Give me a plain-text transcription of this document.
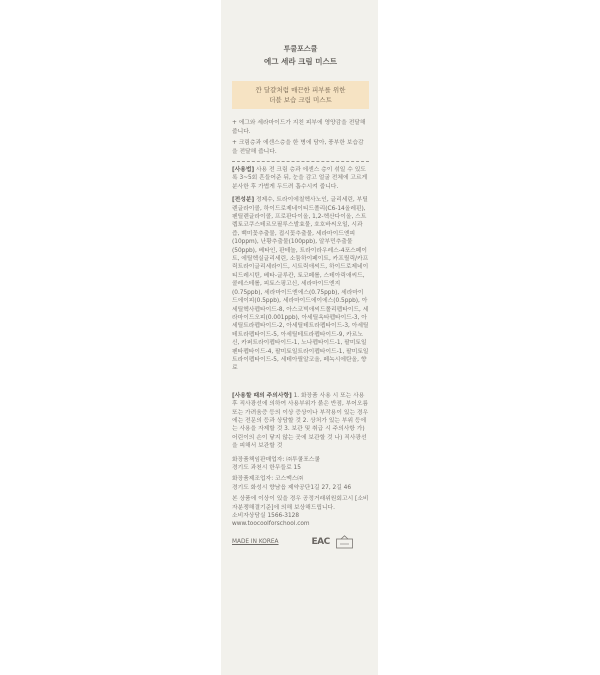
투쿨포스쿨
에그 세라 크림 미스트
깐 달걀처럼 매끈한 피부를 위한
더블 보습 크림 미스트
+ 에그와 세라마이드가 지친 피부에 영양감을 전달해 줍니다.
+ 크림층과 에센스층을 한 병에 담아, 풍부한 보습감을 전달해 줍니다.
[사용법] 사용 전 크림 층과 에센스 층이 섞일 수 있도록 3~5회 흔들어준 뒤, 눈을 감고 얼굴 전체에 고르게 분사한 후 가볍게 두드려 흡수시켜 줍니다.
[전성분] 정제수, 트라이에칠헥사노인, 글리세린, 부틸렌글라이콜, 하이드로제네이티드폴리(C6-14올레핀), 펜틸렌글라이콜, 프로판다이올, 1,2-헥산다이올, 스트렙토코쿠스테르모필루스발효물, 호호바씨오일, 시과즙, 백미꽃추출물, 접시꽃추출물, 세라마이드엔피(10ppm), 난황추출물(100ppb), 알부민추출물(50ppb), 베타인, 판테놀, 트라이라우레스-4포스페이트, 에틸헥실글리세린, 소듐하이페이트, 카프릴릭/카프릭트라이글리세라이드, 시트릭애씨드, 하이드로제네이티드레시틴, 베타-글루칸, 토코페롤, 스테아릭애씨드, 콜레스테롤, 피토스핑고신, 세라마이드엔지(0.75ppb), 세라마이드엔에스(0.75ppb), 세라마이드에이피(0.5ppb), 세라마이드에이에스(0.5ppb), 아세틸헥사펩타이드-8, 아스코빅애씨드폴리펩타이드, 세라마이드오피(0.001ppb), 아세틸옥타펩타이드-3, 아세틸트라펩타이드-2, 아세틸테트라펩타이드-3, 아세틸테트라펩타이드-5, 아세틸테트라펩타이드-9, 카르노신, 카퍼트라이펩타이드-1, 노나펩타이드-1, 팔미토일펜타펩타이드-4, 팔미토일트라이펩타이드-1, 팔미토일트라이펩타이드-5, 세테아릴알코올, 페녹시에탄올, 향료
[사용할 때의 주의사항] 1. 화장품 사용 시 또는 사용 후 직사광선에 의하여 사용부위가 붉은 반점, 부어오름 또는 가려움증 등의 이상 증상이나 부작용이 있는 경우에는 전문의 등과 상담할 것 2. 상처가 있는 부위 등에는 사용을 자제할 것 3. 보관 및 취급 시 주의사항 가)어린이의 손이 닿지 않는 곳에 보관할 것 나) 직사광선을 피해서 보관할 것
화장품책임판매업자: ㈜투쿨포스쿨
경기도 과천시 한무들로 15
화장품제조업자: 코스맥스㈜
경기도 화성시 향남읍 제약공단1길 27, 2길 46
본 상품에 이상이 있을 경우 공정거래위원회고시 [소비자분쟁해결기준]에 의해 보상해드립니다.
소비자상담실 1566-3128
www.toocoolforschool.com
MADE IN KOREA	EAC
